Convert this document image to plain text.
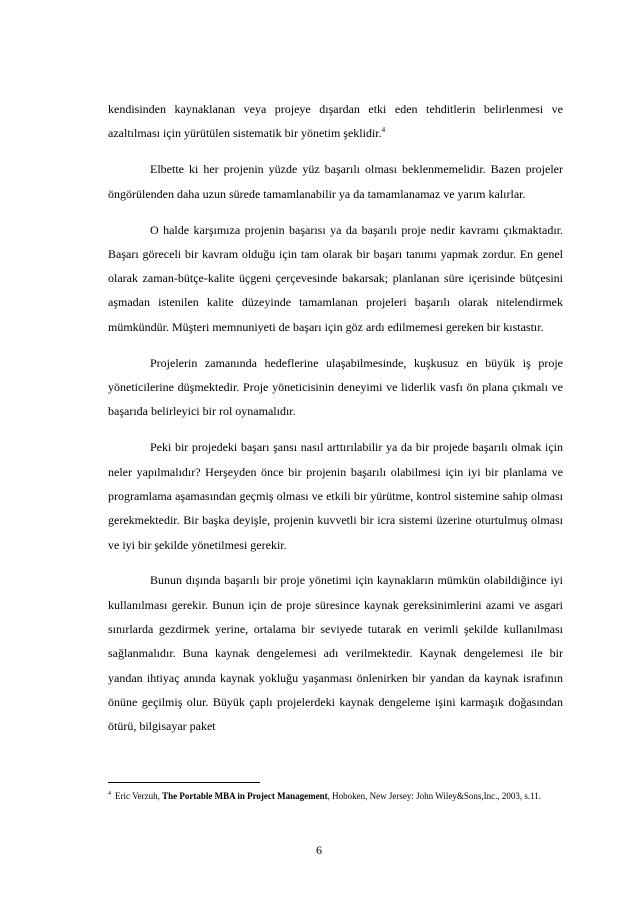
kendisinden kaynaklanan veya projeye dışardan etki eden tehditlerin belirlenmesi ve azaltılması için yürütülen sistematik bir yönetim şeklidir.$^4$

Elbette ki her projenin yüzde yüz başarılı olması beklenmemelidir. Bazen projeler öngörülenden daha uzun sürede tamamlanabilir ya da tamamlanamaz ve yarım kalırlar.

O halde karşımıza projenin başarısı ya da başarılı proje nedir kavramı çıkmaktadır. Başarı göreceli bir kavram olduğu için tam olarak bir başarı tanımı yapmak zordur. En genel olarak zaman-bütçe-kalite üçgeni çerçevesinde bakarsak; planlanan süre içerisinde bütçesini aşmadan istenilen kalite düzeyinde tamamlanan projeleri başarılı olarak nitelendirmek mümkündür. Müşteri memnuniyeti de başarı için göz ardı edilmemesi gereken bir kıstastır.

Projelerin zamanında hedeflerine ulaşabilmesinde, kuşkusuz en büyük iş proje yöneticilerine düşmektedir. Proje yöneticisinin deneyimi ve liderlik vasfı ön plana çıkmalı ve başarıda belirleyici bir rol oynamalıdır.

Peki bir projedeki başarı şansı nasıl arttırılabilir ya da bir projede başarılı olmak için neler yapılmalıdır? Herşeyden önce bir projenin başarılı olabilmesi için iyi bir planlama ve programlama aşamasından geçmiş olması ve etkili bir yürütme, kontrol sistemine sahip olması gerekmektedir. Bir başka deyişle, projenin kuvvetli bir icra sistemi üzerine oturtulmuş olması ve iyi bir şekilde yönetilmesi gerekir.

Bunun dışında başarılı bir proje yönetimi için kaynakların mümkün olabildiğince iyi kullanılması gerekir. Bunun için de proje süresince kaynak gereksinimlerini azami ve asgari sınırlarda gezdirmek yerine, ortalama bir seviyede tutarak en verimli şekilde kullanılması sağlanmalıdır. Buna kaynak dengelemesi adı verilmektedir. Kaynak dengelemesi ile bir yandan ihtiyaç anında kaynak yokluğu yaşanması önlenirken bir yandan da kaynak israfının önüne geçilmiş olur. Büyük çaplı projelerdeki kaynak dengeleme işini karmaşık doğasından ötürü, bilgisayar paket

$^4$ Eric Verzuh, The Portable MBA in Project Management, Hoboken, New Jersey: John Wiley&Sons,Inc., 2003, s.11.
6
